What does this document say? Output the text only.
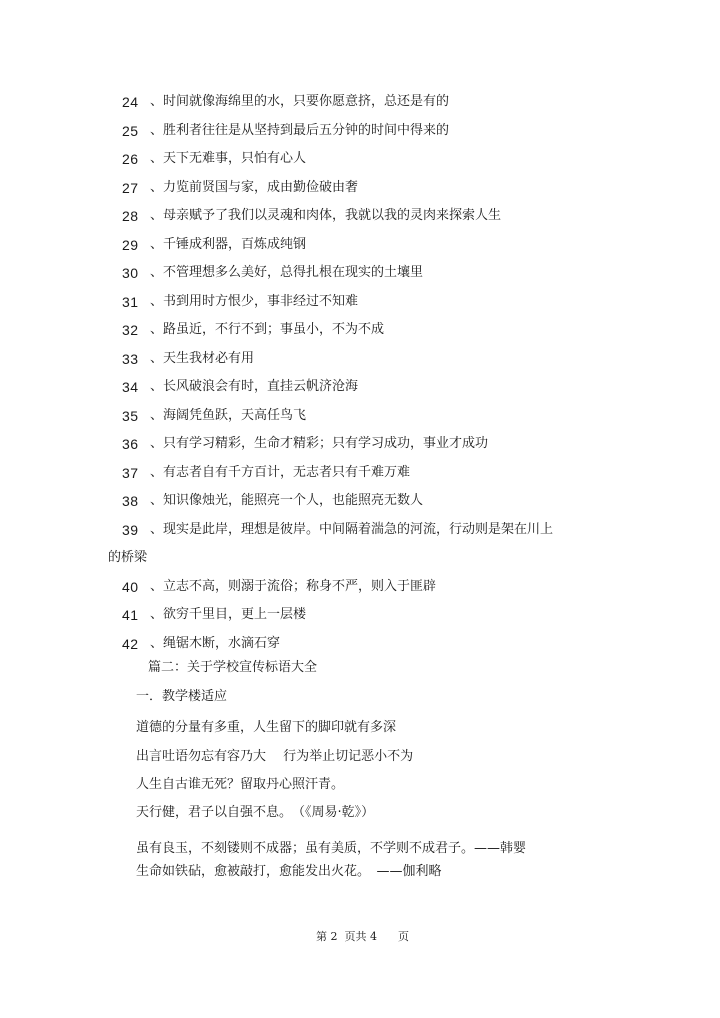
24 、时间就像海绵里的水，只要你愿意挤，总还是有的
25 、胜利者往往是从坚持到最后五分钟的时间中得来的
26 、天下无难事，只怕有心人
27 、力览前贤国与家，成由勤俭破由奢
28 、母亲赋予了我们以灵魂和肉体，我就以我的灵肉来探索人生
29 、千锤成利器，百炼成纯钢
30 、不管理想多么美好，总得扎根在现实的土壤里
31 、书到用时方恨少，事非经过不知难
32 、路虽近，不行不到；事虽小，不为不成
33 、天生我材必有用
34 、长风破浪会有时，直挂云帆济沧海
35 、海阔凭鱼跃，天高任鸟飞
36 、只有学习精彩，生命才精彩；只有学习成功，事业才成功
37 、有志者自有千方百计，无志者只有千难万难
38 、知识像烛光，能照亮一个人，也能照亮无数人
39 、现实是此岸，理想是彼岸。中间隔着湍急的河流，行动则是架在川上
的桥梁
40 、立志不高，则溺于流俗；称身不严，则入于匪辟
41 、欲穷千里目，更上一层楼
42 、绳锯木断，水滴石穿
篇二：关于学校宣传标语大全
一．教学楼适应
道德的分量有多重，人生留下的脚印就有多深
出言吐语勿忘有容乃大　 行为举止切记恶小不为
人生自古谁无死？留取丹心照汗青。
天行健，君子以自强不息。　（《周易·乾》）
虽有良玉，不刻镂则不成器；虽有美质，不学则不成君子。——韩婴
生命如铁砧，愈被敲打，愈能发出火花。　——伽利略
第 2  页共 4      页
